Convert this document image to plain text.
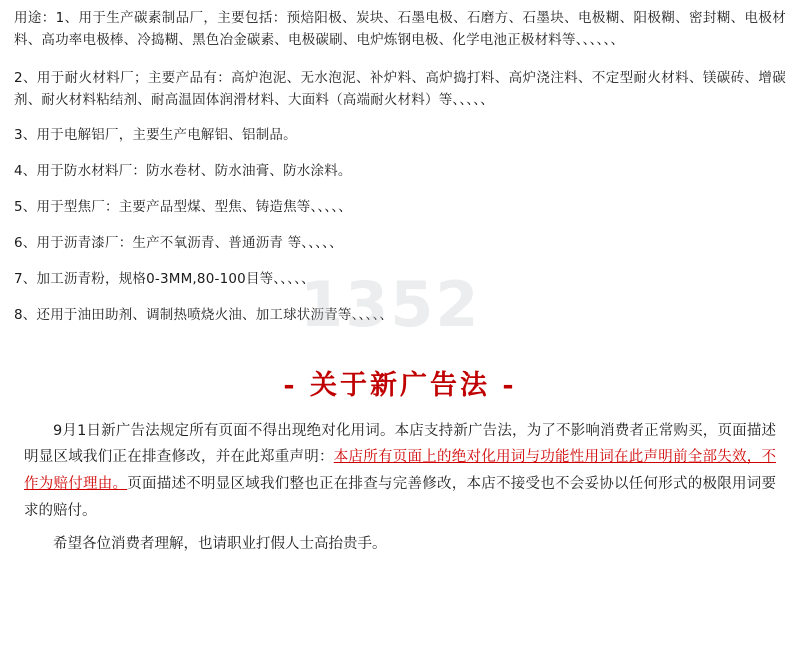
1352
用途：1、用于生产碳素制品厂，主要包括：预焙阳极、炭块、石墨电极、石磨方、石墨块、电极糊、阳极糊、密封糊、电极材料、高功率电极棒、冷捣糊、黑色冶金碳素、电极碳刷、电炉炼钢电极、化学电池正极材料等、、、、、、
2、用于耐火材料厂；主要产品有：高炉泡泥、无水泡泥、补炉料、高炉捣打料、高炉浇注料、不定型耐火材料、镁碳砖、增碳剂、耐火材料粘结剂、耐高温固体润滑材料、大面料（高端耐火材料）等、、、、、
3、用于电解铝厂，主要生产电解铝、铝制品。
4、用于防水材料厂：防水卷材、防水油膏、防水涂料。
5、用于型焦厂：主要产品型煤、型焦、铸造焦等、、、、、
6、用于沥青漆厂：生产不氧沥青、普通沥青 等、、、、、
7、加工沥青粉，规格0-3MM,80-100目等、、、、、
8、还用于油田助剂、调制热喷烧火油、加工球状沥青等、、、、、
- 关于新广告法 -

9月1日新广告法规定所有页面不得出现绝对化用词。本店支持新广告法，为了不影响消费者正常购买，页面描述明显区域我们正在排查修改，并在此郑重声明：本店所有页面上的绝对化用词与功能性用词在此声明前全部失效，不作为赔付理由。页面描述不明显区域我们整也正在排查与完善修改，本店不接受也不会妥协以任何形式的极限用词要求的赔付。

希望各位消费者理解，也请职业打假人士高抬贵手。
